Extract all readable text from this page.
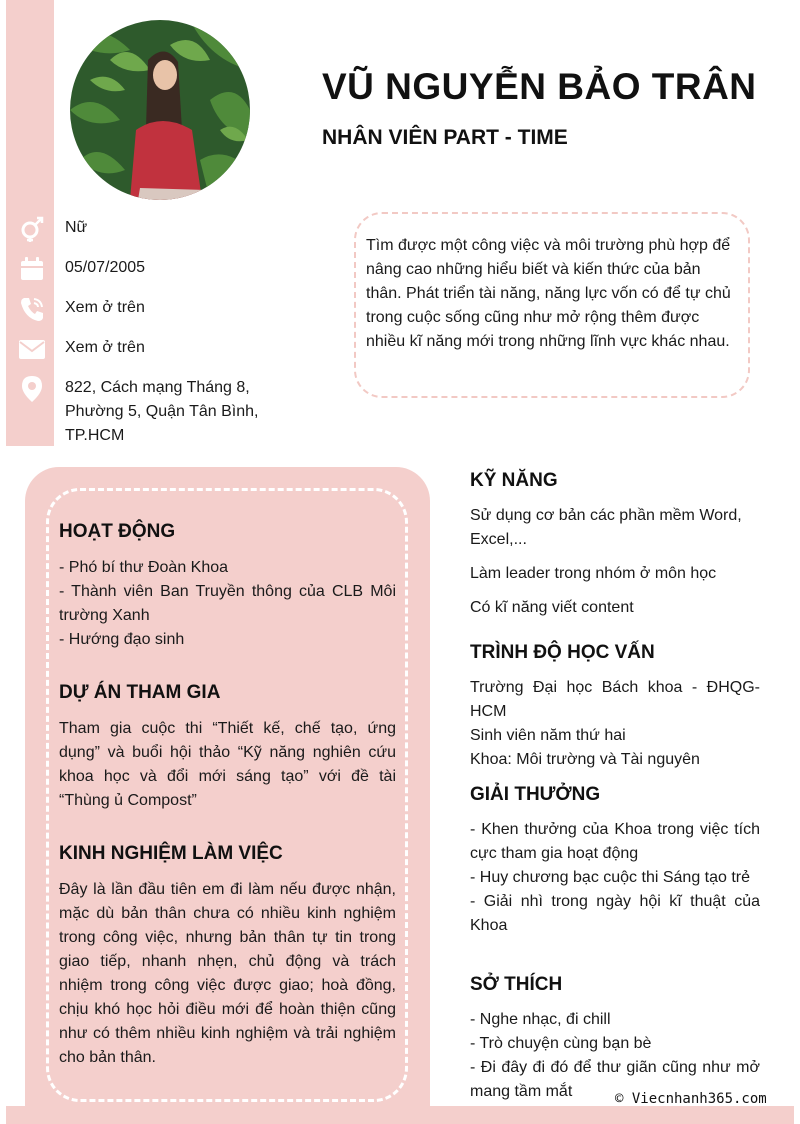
VŨ NGUYỄN BẢO TRÂN
NHÂN VIÊN PART - TIME
Nữ
05/07/2005
Xem ở trên
Xem ở trên
822, Cách mạng Tháng 8, Phường 5, Quận Tân Bình, TP.HCM
Tìm được một công việc và môi trường phù hợp để nâng cao những hiểu biết và kiến thức của bản thân. Phát triển tài năng, năng lực vốn có để tự chủ trong cuộc sống cũng như mở rộng thêm được nhiều kĩ năng mới trong những lĩnh vực khác nhau.
HOẠT ĐỘNG
- Phó bí thư Đoàn Khoa
- Thành viên Ban Truyền thông của CLB Môi trường Xanh
- Hướng đạo sinh
DỰ ÁN THAM GIA
Tham gia cuộc thi “Thiết kế, chế tạo, ứng dụng” và buổi hội thảo “Kỹ năng nghiên cứu khoa học và đổi mới sáng tạo” với đề tài “Thùng ủ Compost”
KINH NGHIỆM LÀM VIỆC
Đây là lần đầu tiên em đi làm nếu được nhận, mặc dù bản thân chưa có nhiều kinh nghiệm trong công việc, nhưng bản thân tự tin trong giao tiếp, nhanh nhẹn, chủ động và trách nhiệm trong công việc được giao; hoà đồng, chịu khó học hỏi điều mới để hoàn thiện cũng như có thêm nhiều kinh nghiệm và trải nghiệm cho bản thân.
KỸ NĂNG
Sử dụng cơ bản các phần mềm Word, Excel,...
Làm leader trong nhóm ở môn học
Có kĩ năng viết content
TRÌNH ĐỘ HỌC VẤN
Trường Đại học Bách khoa - ĐHQG-HCM
Sinh viên năm thứ hai
Khoa: Môi trường và Tài nguyên
GIẢI THƯỞNG
- Khen thưởng của Khoa trong việc tích cực tham gia hoạt động
- Huy chương bạc cuộc thi Sáng tạo trẻ
- Giải nhì trong ngày hội kĩ thuật của Khoa
SỞ THÍCH
- Nghe nhạc, đi chill
- Trò chuyện cùng bạn bè
- Đi đây đi đó để thư giãn cũng như mở mang tầm mắt	© Viecnhanh365.com
